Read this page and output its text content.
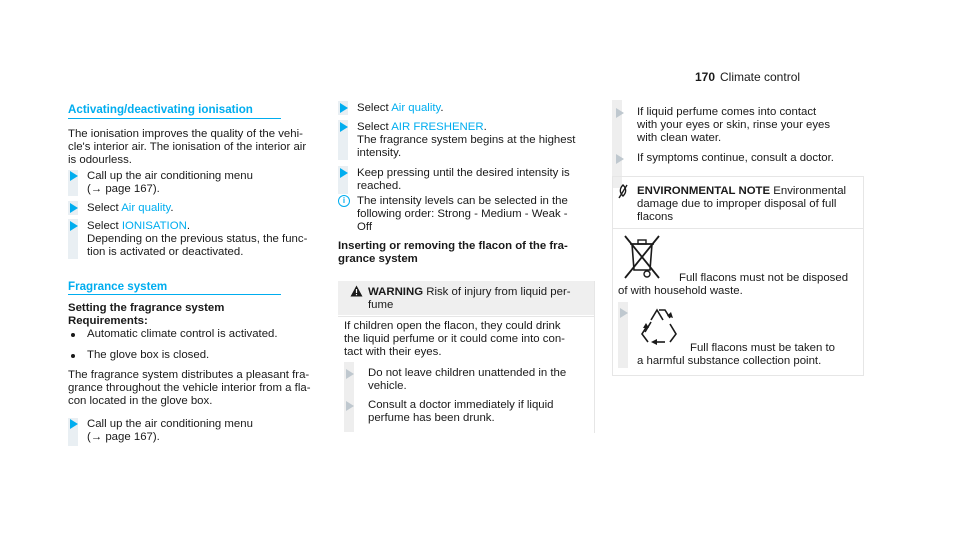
170 Climate control
Activating/deactivating ionisation
The ionisation improves the quality of the vehi-
cle's interior air. The ionisation of the interior air
is odourless.
Call up the air conditioning menu
(→ page 167).
Select Air quality.
Select IONISATION.
Depending on the previous status, the func-
tion is activated or deactivated.
Fragrance system
Setting the fragrance system
Requirements:
Automatic climate control is activated.
The glove box is closed.
The fragrance system distributes a pleasant fra-
grance throughout the vehicle interior from a fla-
con located in the glove box.
Call up the air conditioning menu
(→ page 167).
Select Air quality.
Select AIR FRESHENER.
The fragrance system begins at the highest
intensity.
Keep pressing until the desired intensity is
reached.
i	The intensity levels can be selected in the
following order: Strong - Medium - Weak -
Off
Inserting or removing the flacon of the fra-
grance system
WARNING Risk of injury from liquid per-
fume
If children open the flacon, they could drink
the liquid perfume or it could come into con-
tact with their eyes.
Do not leave children unattended in the
vehicle.
Consult a doctor immediately if liquid
perfume has been drunk.
If liquid perfume comes into contact
with your eyes or skin, rinse your eyes
with clean water.
If symptoms continue, consult a doctor.
ENVIRONMENTAL NOTE Environmental
damage due to improper disposal of full
flacons
Full flacons must not be disposed
of with household waste.
Full flacons must be taken to
a harmful substance collection point.
